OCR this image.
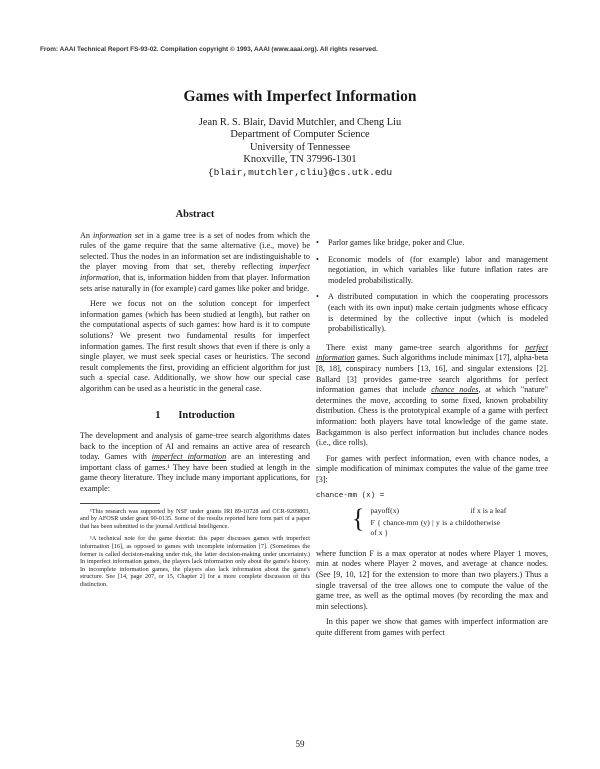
From: AAAI Technical Report FS-93-02. Compilation copyright © 1993, AAAI (www.aaai.org). All rights reserved.
Games with Imperfect Information
Jean R. S. Blair, David Mutchler, and Cheng Liu
Department of Computer Science
University of Tennessee
Knoxville, TN 37996-1301
{blair,mutchler,cliu}@cs.utk.edu
Abstract

An information set in a game tree is a set of nodes from which the rules of the game require that the same alternative (i.e., move) be selected. Thus the nodes in an information set are indistinguishable to the player moving from that set, thereby reflecting imperfect information, that is, information hidden from that player. Information sets arise naturally in (for example) card games like poker and bridge.

Here we focus not on the solution concept for imperfect information games (which has been studied at length), but rather on the computational aspects of such games: how hard is it to compute solutions? We present two fundamental results for imperfect information games. The first result shows that even if there is only a single player, we must seek special cases or heuristics. The second result complements the first, providing an efficient algorithm for just such a special case. Additionally, we show how our special case algorithm can be used as a heuristic in the general case.

1 Introduction

The development and analysis of game-tree search algorithms dates back to the inception of AI and remains an active area of research today. Games with imperfect information are an interesting and important class of games.¹ They have been studied at length in the game theory literature. They include many important applications, for example:

¹This research was supported by NSF under grants IRI 89-10728 and CCR-9209803, and by AFOSR under grant 90-0135. Some of the results reported here form part of a paper that has been submitted to the journal Artificial Intelligence.

¹A technical note for the game theorist: this paper discusses games with imperfect information [16], as opposed to games with incomplete information [7]. (Sometimes the former is called decision-making under risk, the latter decision-making under uncertainty.) In imperfect information games, the players lack information only about the game's history. In incomplete information games, the players also lack information about the game's structure. See [14, page 207, or 15, Chapter 2] for a more complete discussion of this distinction.

• Parlor games like bridge, poker and Clue.
• Economic models of (for example) labor and management negotiation, in which variables like future inflation rates are modeled probabilistically.
• A distributed computation in which the cooperating processors (each with its own input) make certain judgments whose efficacy is determined by the collective input (which is modeled probabilistically).

There exist many game-tree search algorithms for perfect information games. Such algorithms include minimax [17], alpha-beta [8, 18], conspiracy numbers [13, 16], and singular extensions [2]. Ballard [3] provides game-tree search algorithms for perfect information games that include chance nodes, at which "nature" determines the move, according to some fixed, known probability distribution. Chess is the prototypical example of a game with perfect information: both players have total knowledge of the game state. Backgammon is also perfect information but includes chance nodes (i.e., dice rolls).

For games with perfect information, even with chance nodes, a simple modification of minimax computes the value of the game tree [3]:

chance-mm (x) =
{ payoff(x)	if x is a leaf
F { chance-mm (y) | y is a child of x }
otherwise

where function F is a max operator at nodes where Player 1 moves, min at nodes where Player 2 moves, and average at chance nodes. (See [9, 10, 12] for the extension to more than two players.) Thus a single traversal of the tree allows one to compute the value of the game tree, as well as the optimal moves (by recording the max and min selections).

In this paper we show that games with imperfect information are quite different from games with perfect

59
